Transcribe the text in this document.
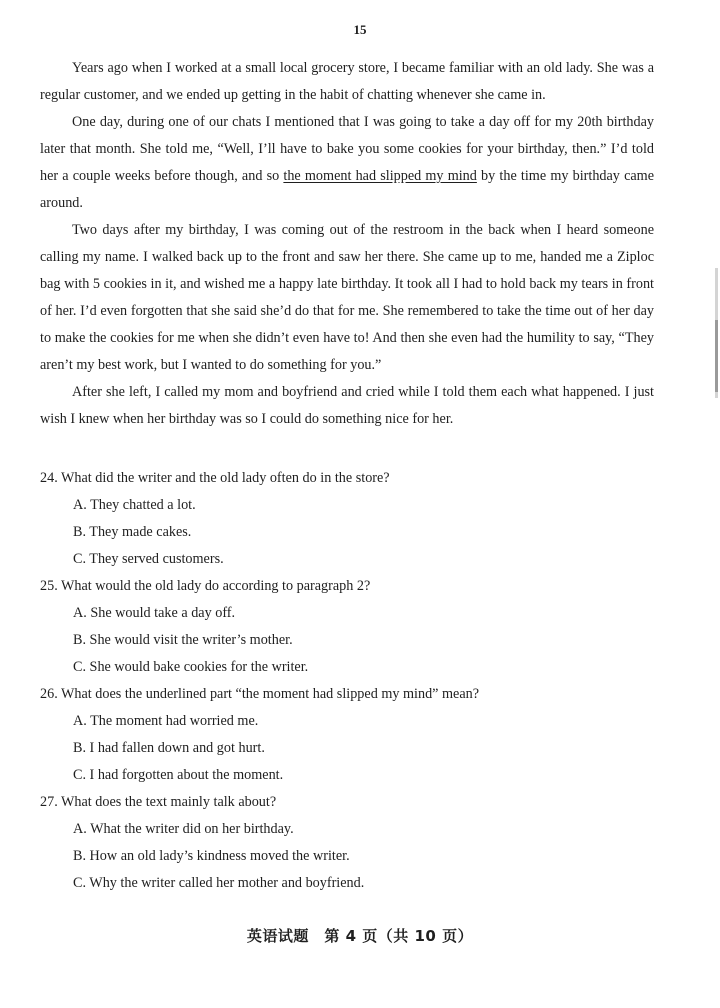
15

Years ago when I worked at a small local grocery store, I became familiar with an old lady. She was a regular customer, and we ended up getting in the habit of chatting whenever she came in.

One day, during one of our chats I mentioned that I was going to take a day off for my 20th birthday later that month. She told me, “Well, I’ll have to bake you some cookies for your birthday, then.” I’d told her a couple weeks before though, and so the moment had slipped my mind by the time my birthday came around.

Two days after my birthday, I was coming out of the restroom in the back when I heard someone calling my name. I walked back up to the front and saw her there. She came up to me, handed me a Ziploc bag with 5 cookies in it, and wished me a happy late birthday. It took all I had to hold back my tears in front of her. I’d even forgotten that she said she’d do that for me. She remembered to take the time out of her day to make the cookies for me when she didn’t even have to! And then she even had the humility to say, “They aren’t my best work, but I wanted to do something for you.”

After she left, I called my mom and boyfriend and cried while I told them each what happened. I just wish I knew when her birthday was so I could do something nice for her.

24. What did the writer and the old lady often do in the store?

A. They chatted a lot.

B. They made cakes.

C. They served customers.

25. What would the old lady do according to paragraph 2?

A. She would take a day off.

B. She would visit the writer’s mother.

C. She would bake cookies for the writer.

26. What does the underlined part “the moment had slipped my mind” mean?

A. The moment had worried me.

B. I had fallen down and got hurt.

C. I had forgotten about the moment.

27. What does the text mainly talk about?

A. What the writer did on her birthday.

B. How an old lady’s kindness moved the writer.

C. Why the writer called her mother and boyfriend.

英语试题　第 4 页（共 10 页）
